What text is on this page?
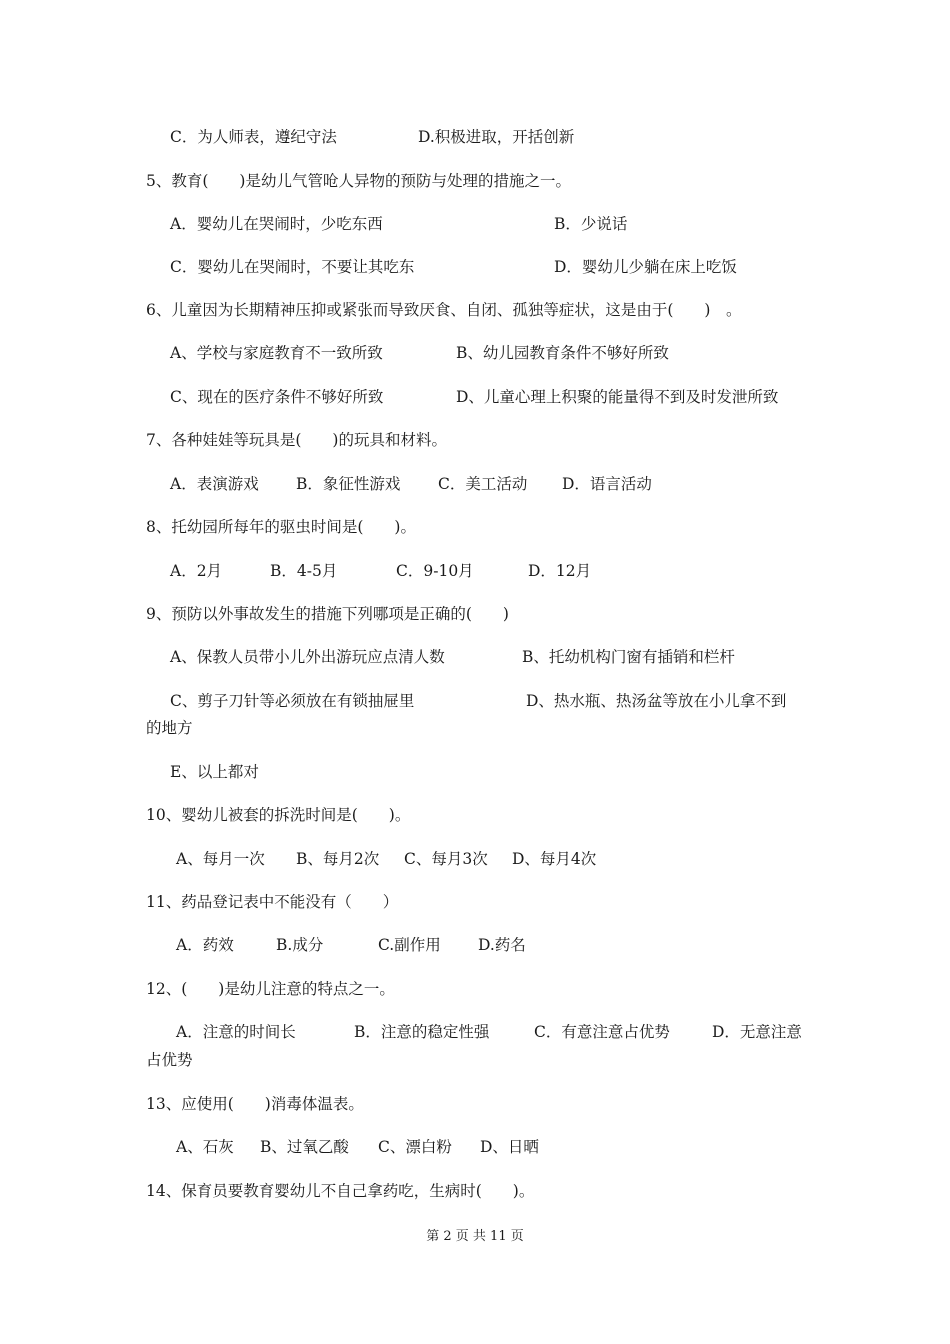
C．为人师表，遵纪守法	D.积极进取，开括创新
5、教育(　　)是幼儿气管呛人异物的预防与处理的措施之一。
A．婴幼儿在哭闹时，少吃东西	B．少说话
C．婴幼儿在哭闹时，不要让其吃东	D．婴幼儿少躺在床上吃饭
6、儿童因为长期精神压抑或紧张而导致厌食、自闭、孤独等症状，这是由于(　　)　。
A、学校与家庭教育不一致所致	B、幼儿园教育条件不够好所致
C、现在的医疗条件不够好所致	D、儿童心理上积聚的能量得不到及时发泄所致
7、各种娃娃等玩具是(　　)的玩具和材料。
A．表演游戏 B．象征性游戏 C．美工活动 D．语言活动
8、托幼园所每年的驱虫时间是(　　)。
A．2月	B．4-5月	C．9-10月	D．12月
9、预防以外事故发生的措施下列哪项是正确的(　　)
A、保教人员带小儿外出游玩应点清人数	B、托幼机构门窗有插销和栏杆
C、剪子刀针等必须放在有锁抽屉里	D、热水瓶、热汤盆等放在小儿拿不到
的地方
E、以上都对
10、婴幼儿被套的拆洗时间是(　　)。
A、每月一次 B、每月2次 C、每月3次 D、每月4次
11、药品登记表中不能没有（　　）
A．药效	B.成分	C.副作用 D.药名
12、(　　)是幼儿注意的特点之一。
A．注意的时间长	B．注意的稳定性强	C．有意注意占优势	D．无意注意
占优势
13、应使用(　　)消毒体温表。
A、石灰 B、过氧乙酸 C、漂白粉 D、日晒
14、保育员要教育婴幼儿不自己拿药吃，生病时(　　)。
第 2 页 共 11 页
